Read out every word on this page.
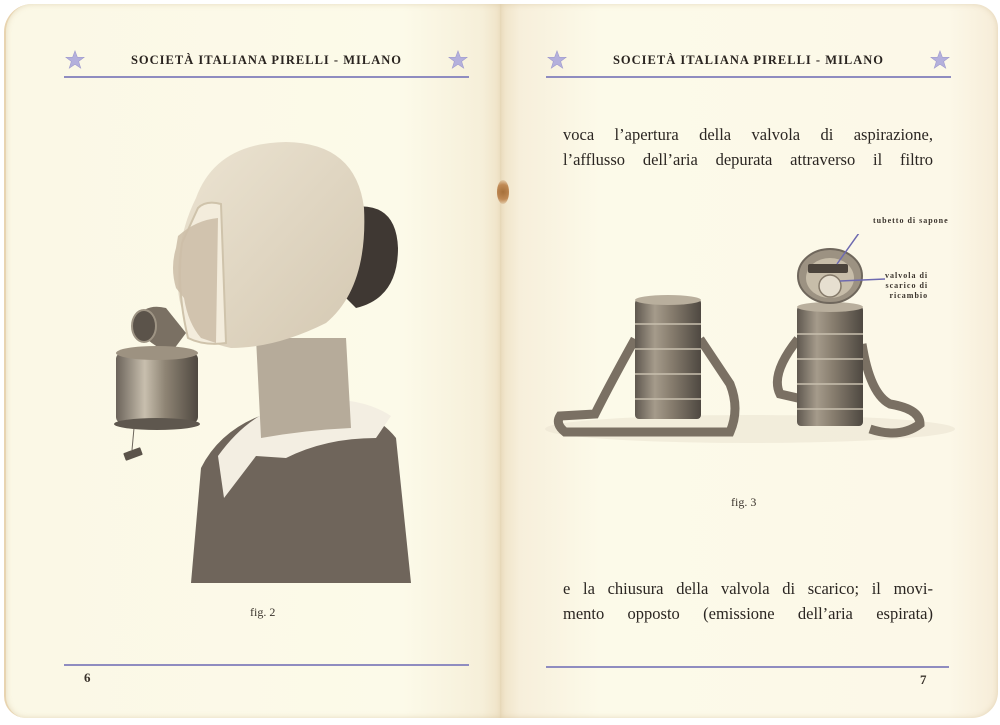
SOCIETÀ ITALIANA PIRELLI - MILANO
fig. 2
6
SOCIETÀ ITALIANA PIRELLI - MILANO
voca l’apertura della valvola di aspirazione,
l’afflusso dell’aria depurata attraverso il filtro
tubetto di sapone
valvola di
scarico di
ricambio
fig. 3
e la chiusura della valvola di scarico; il movi-
mento opposto (emissione dell’aria espirata)
7
